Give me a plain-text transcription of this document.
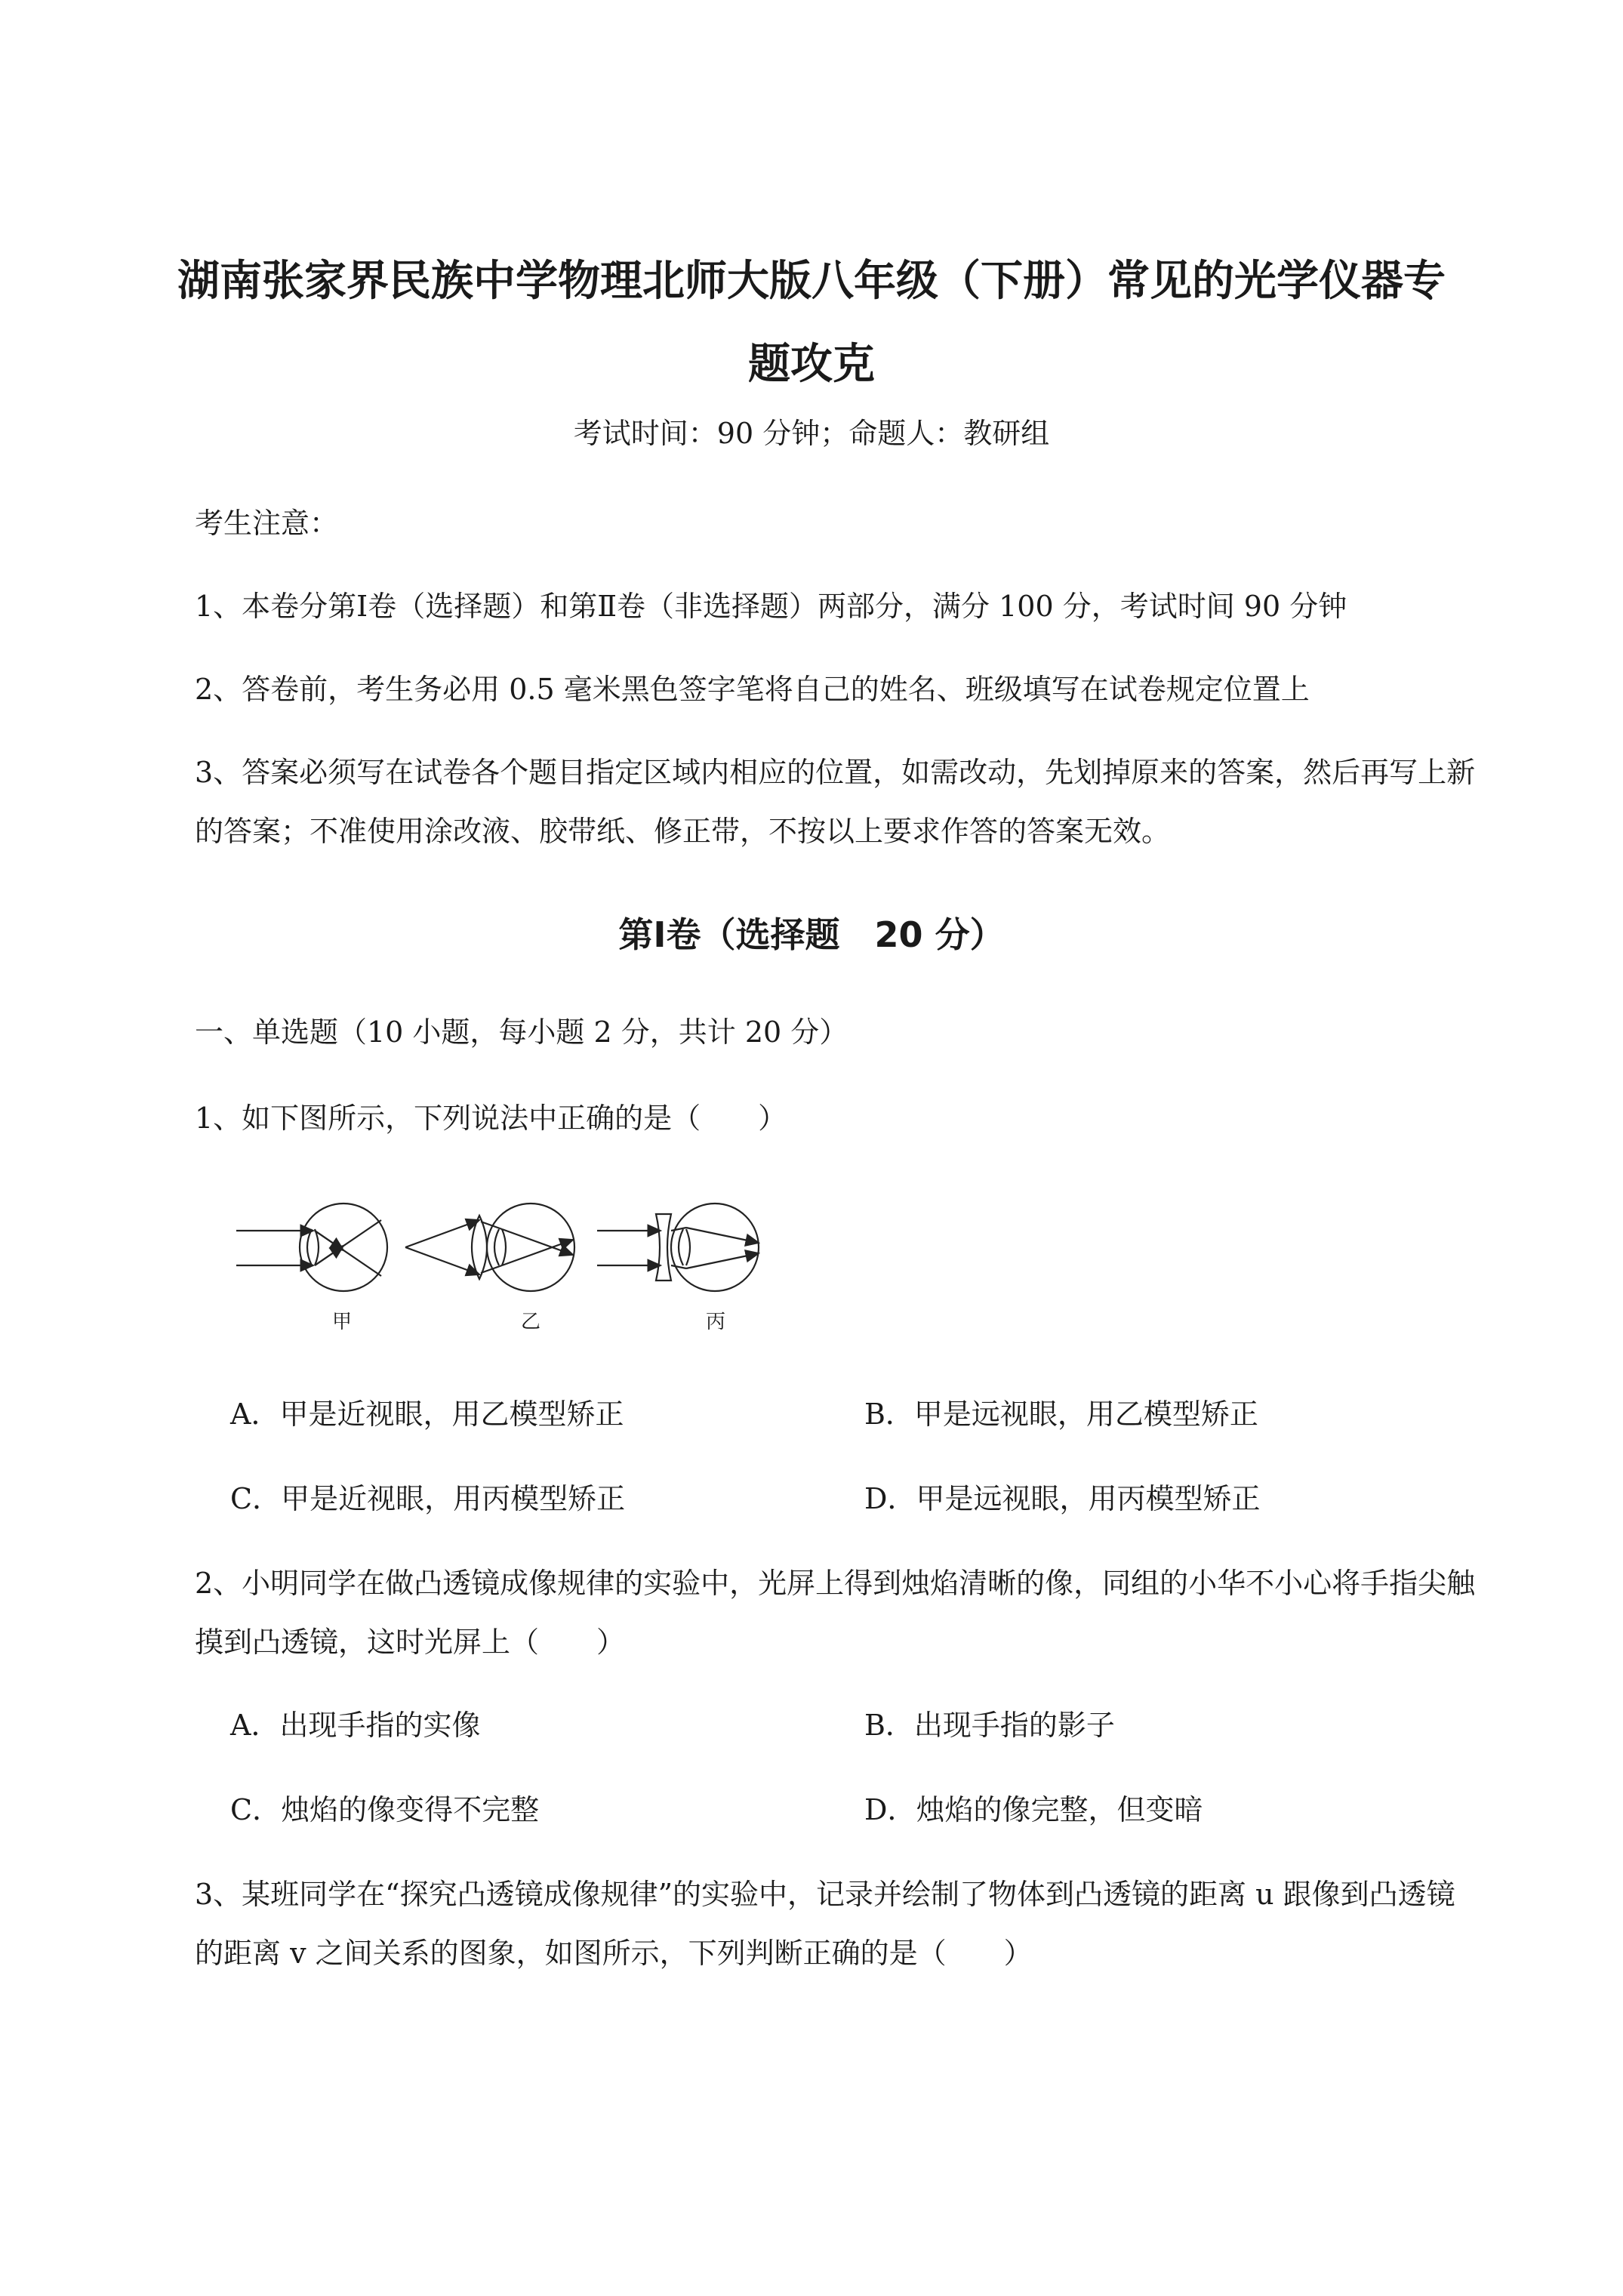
湖南张家界民族中学物理北师大版八年级（下册）常见的光学仪器专
题攻克
考试时间：90 分钟；命题人：教研组
考生注意：
1、本卷分第Ⅰ卷（选择题）和第Ⅱ卷（非选择题）两部分，满分 100 分，考试时间 90 分钟
2、答卷前，考生务必用 0.5 毫米黑色签字笔将自己的姓名、班级填写在试卷规定位置上
3、答案必须写在试卷各个题目指定区域内相应的位置，如需改动，先划掉原来的答案，然后再写上新
的答案；不准使用涂改液、胶带纸、修正带，不按以上要求作答的答案无效。
第Ⅰ卷（选择题　20 分）
一、单选题（10 小题，每小题 2 分，共计 20 分）
1、如下图所示，下列说法中正确的是（　　）
甲	乙	丙
A．甲是近视眼，用乙模型矫正	B．甲是远视眼，用乙模型矫正
C．甲是近视眼，用丙模型矫正	D．甲是远视眼，用丙模型矫正
2、小明同学在做凸透镜成像规律的实验中，光屏上得到烛焰清晰的像，同组的小华不小心将手指尖触
摸到凸透镜，这时光屏上（　　）
A．出现手指的实像	B．出现手指的影子
C．烛焰的像变得不完整	D．烛焰的像完整，但变暗
3、某班同学在“探究凸透镜成像规律”的实验中，记录并绘制了物体到凸透镜的距离 u 跟像到凸透镜
的距离 v 之间关系的图象，如图所示，下列判断正确的是（　　）
